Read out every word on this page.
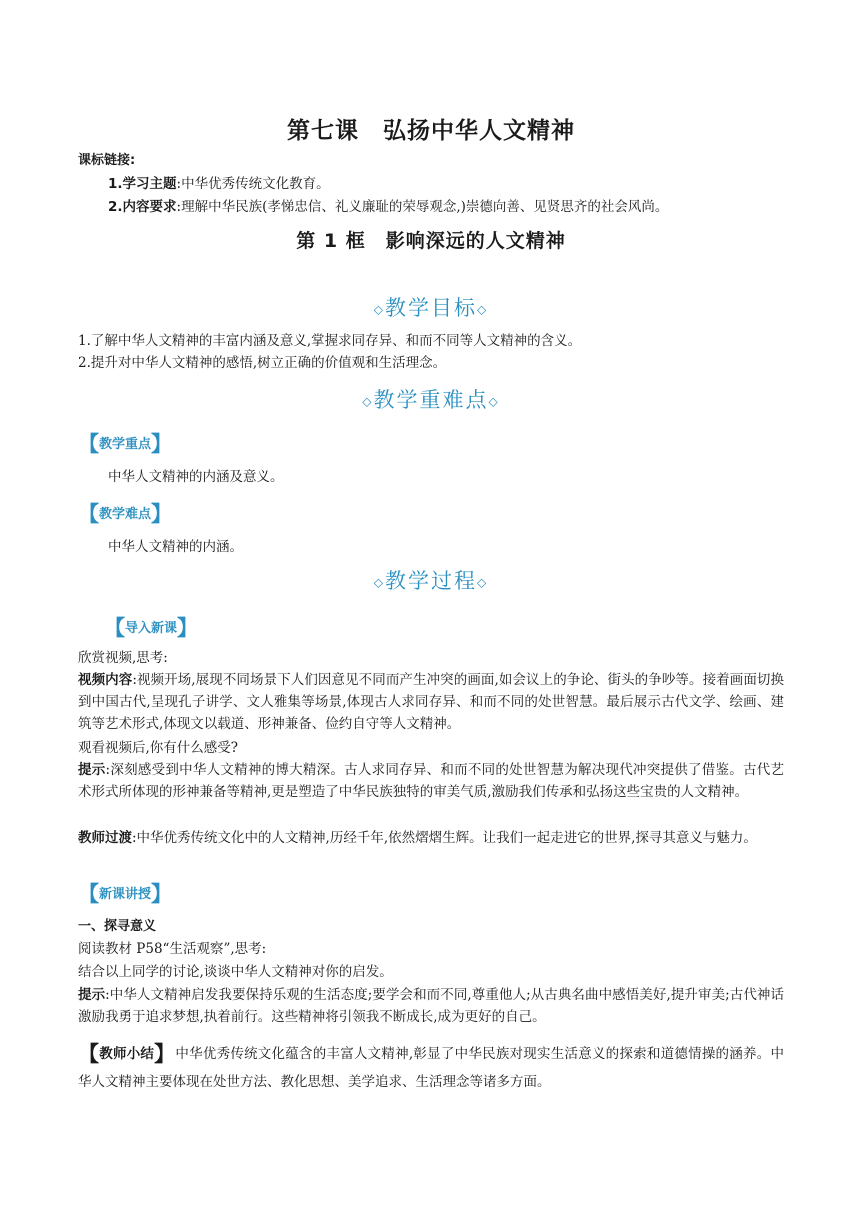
第七课　弘扬中华人文精神
课标链接:
1.学习主题:中华优秀传统文化教育。
2.内容要求:理解中华民族(孝悌忠信、礼义廉耻的荣辱观念,)崇德向善、见贤思齐的社会风尚。
第 1 框　影响深远的人文精神
◇教学目标◇
1.了解中华人文精神的丰富内涵及意义,掌握求同存异、和而不同等人文精神的含义。
2.提升对中华人文精神的感悟,树立正确的价值观和生活理念。
◇教学重难点◇
【教学重点】
中华人文精神的内涵及意义。
【教学难点】
中华人文精神的内涵。
◇教学过程◇
【导入新课】
欣赏视频,思考:
视频内容:视频开场,展现不同场景下人们因意见不同而产生冲突的画面,如会议上的争论、街头的争吵等。接着画面切换到中国古代,呈现孔子讲学、文人雅集等场景,体现古人求同存异、和而不同的处世智慧。最后展示古代文学、绘画、建筑等艺术形式,体现文以载道、形神兼备、俭约自守等人文精神。
观看视频后,你有什么感受?
提示:深刻感受到中华人文精神的博大精深。古人求同存异、和而不同的处世智慧为解决现代冲突提供了借鉴。古代艺术形式所体现的形神兼备等精神,更是塑造了中华民族独特的审美气质,激励我们传承和弘扬这些宝贵的人文精神。
教师过渡:中华优秀传统文化中的人文精神,历经千年,依然熠熠生辉。让我们一起走进它的世界,探寻其意义与魅力。
【新课讲授】
一、探寻意义
阅读教材 P58“生活观察”,思考:
结合以上同学的讨论,谈谈中华人文精神对你的启发。
提示:中华人文精神启发我要保持乐观的生活态度;要学会和而不同,尊重他人;从古典名曲中感悟美好,提升审美;古代神话激励我勇于追求梦想,执着前行。这些精神将引领我不断成长,成为更好的自己。
【教师小结】中华优秀传统文化蕴含的丰富人文精神,彰显了中华民族对现实生活意义的探索和道德情操的涵养。中华人文精神主要体现在处世方法、教化思想、美学追求、生活理念等诸多方面。
